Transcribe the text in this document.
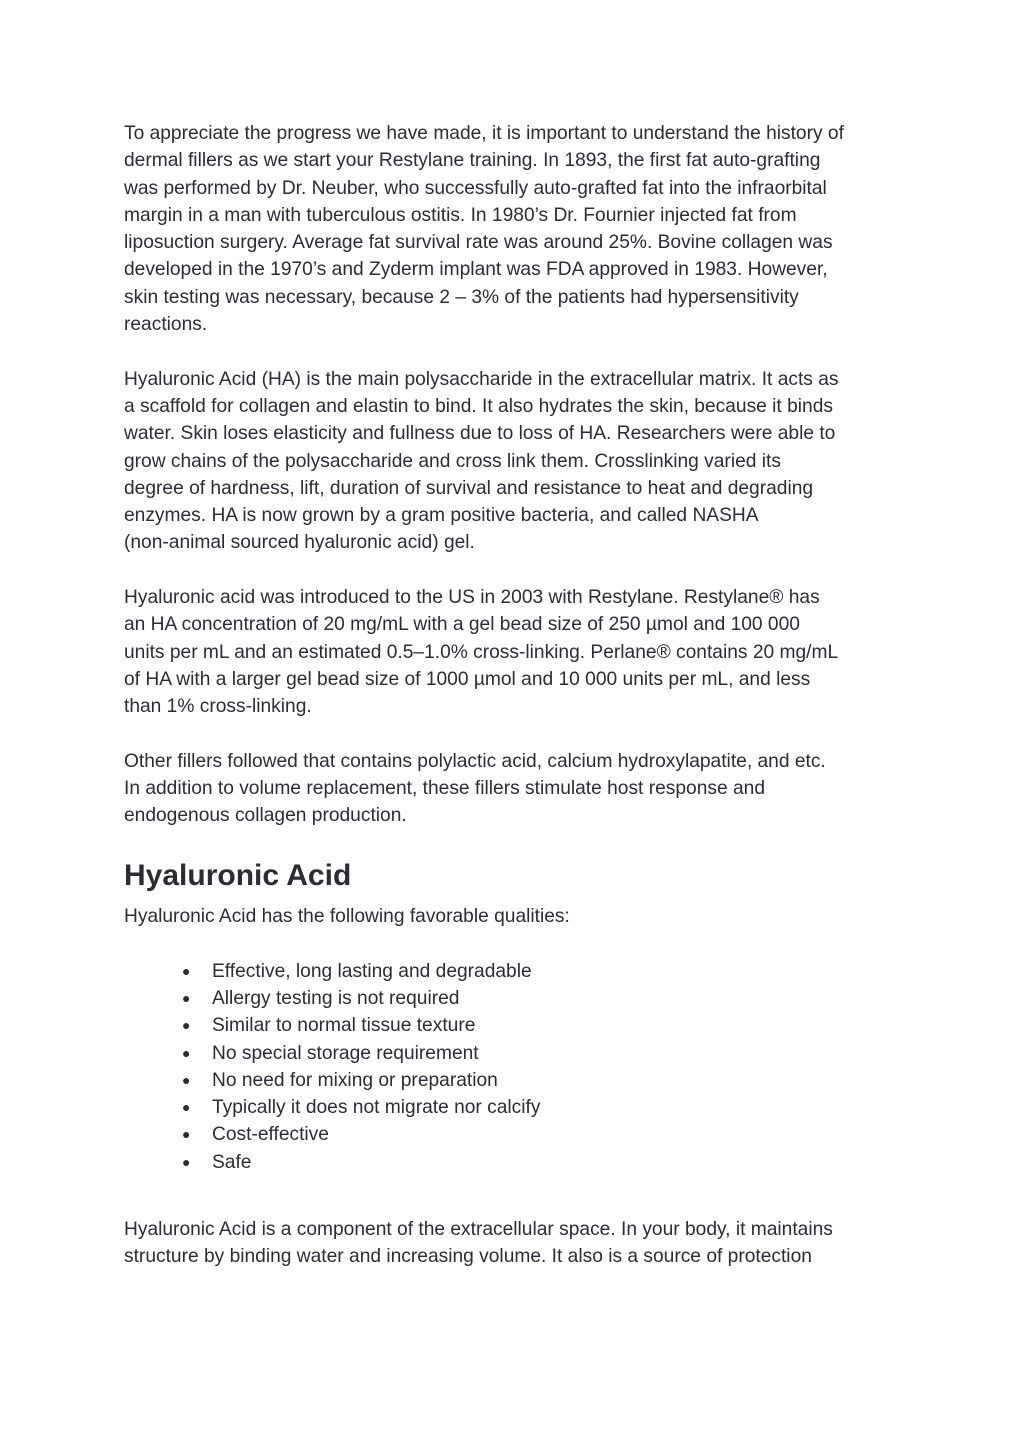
To appreciate the progress we have made, it is important to understand the history of
dermal fillers as we start your Restylane training. In 1893, the first fat auto-grafting
was performed by Dr. Neuber, who successfully auto-grafted fat into the infraorbital
margin in a man with tuberculous ostitis. In 1980’s Dr. Fournier injected fat from
liposuction surgery. Average fat survival rate was around 25%. Bovine collagen was
developed in the 1970’s and Zyderm implant was FDA approved in 1983. However,
skin testing was necessary, because 2 – 3% of the patients had hypersensitivity
reactions.

Hyaluronic Acid (HA) is the main polysaccharide in the extracellular matrix. It acts as
a scaffold for collagen and elastin to bind. It also hydrates the skin, because it binds
water. Skin loses elasticity and fullness due to loss of HA. Researchers were able to
grow chains of the polysaccharide and cross link them. Crosslinking varied its
degree of hardness, lift, duration of survival and resistance to heat and degrading
enzymes. HA is now grown by a gram positive bacteria, and called NASHA
(non-animal sourced hyaluronic acid) gel.

Hyaluronic acid was introduced to the US in 2003 with Restylane. Restylane® has
an HA concentration of 20 mg/mL with a gel bead size of 250 µmol and 100 000
units per mL and an estimated 0.5–1.0% cross-linking. Perlane® contains 20 mg/mL
of HA with a larger gel bead size of 1000 µmol and 10 000 units per mL, and less
than 1% cross-linking.

Other fillers followed that contains polylactic acid, calcium hydroxylapatite, and etc.
In addition to volume replacement, these fillers stimulate host response and
endogenous collagen production.

Hyaluronic Acid

Hyaluronic Acid has the following favorable qualities:

● Effective, long lasting and degradable
● Allergy testing is not required
● Similar to normal tissue texture
● No special storage requirement
● No need for mixing or preparation
● Typically it does not migrate nor calcify
● Cost-effective
● Safe

Hyaluronic Acid is a component of the extracellular space. In your body, it maintains
structure by binding water and increasing volume. It also is a source of protection
